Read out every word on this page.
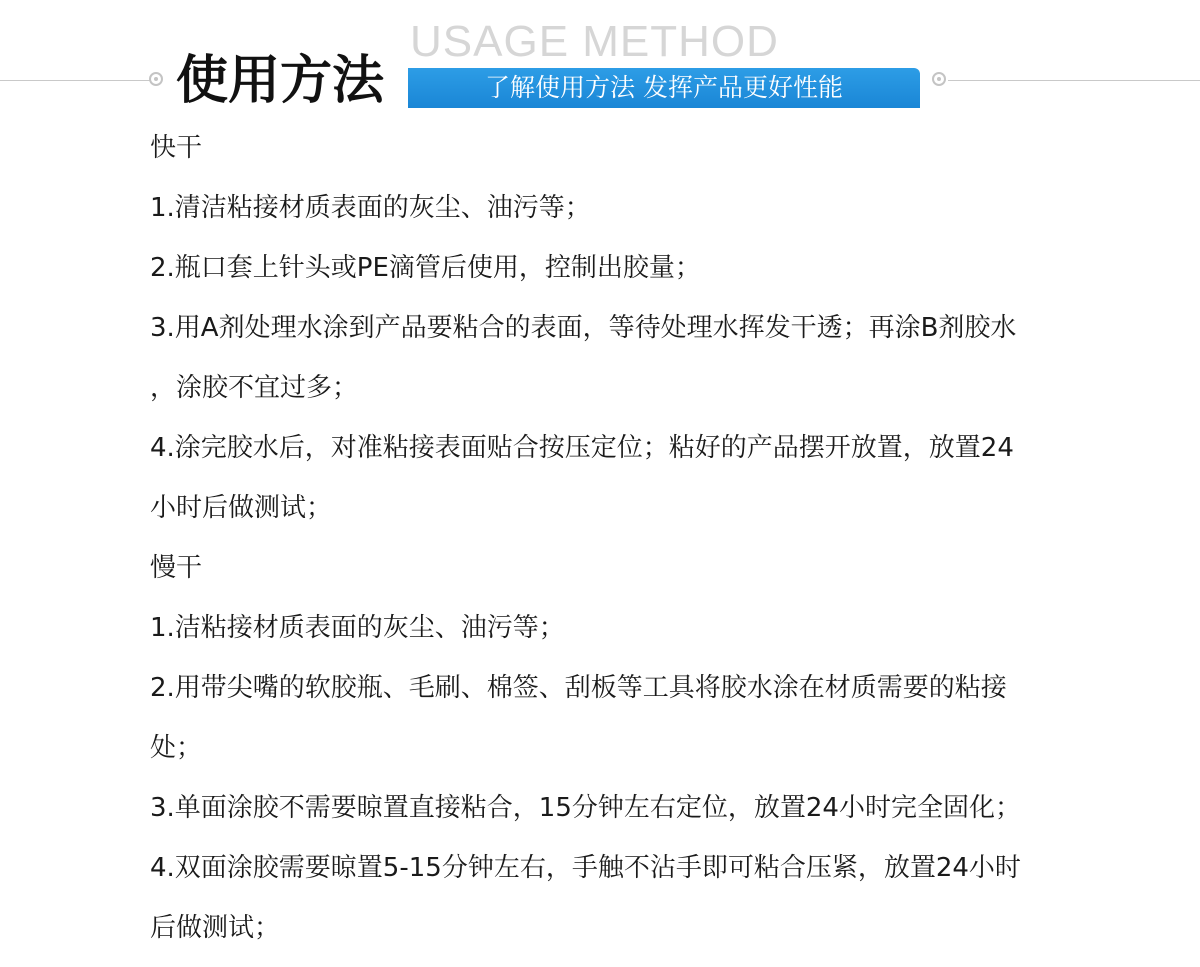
USAGE METHOD
使用方法	了解使用方法 发挥产品更好性能
快干
1.清洁粘接材质表面的灰尘、油污等；
2.瓶口套上针头或PE滴管后使用，控制出胶量；
3.用A剂处理水涂到产品要粘合的表面，等待处理水挥发干透；再涂B剂胶水
，涂胶不宜过多；
4.涂完胶水后，对准粘接表面贴合按压定位；粘好的产品摆开放置，放置24
小时后做测试；
慢干
1.洁粘接材质表面的灰尘、油污等；
2.用带尖嘴的软胶瓶、毛刷、棉签、刮板等工具将胶水涂在材质需要的粘接
处；
3.单面涂胶不需要晾置直接粘合，15分钟左右定位，放置24小时完全固化；
4.双面涂胶需要晾置5-15分钟左右，手触不沾手即可粘合压紧，放置24小时
后做测试；
